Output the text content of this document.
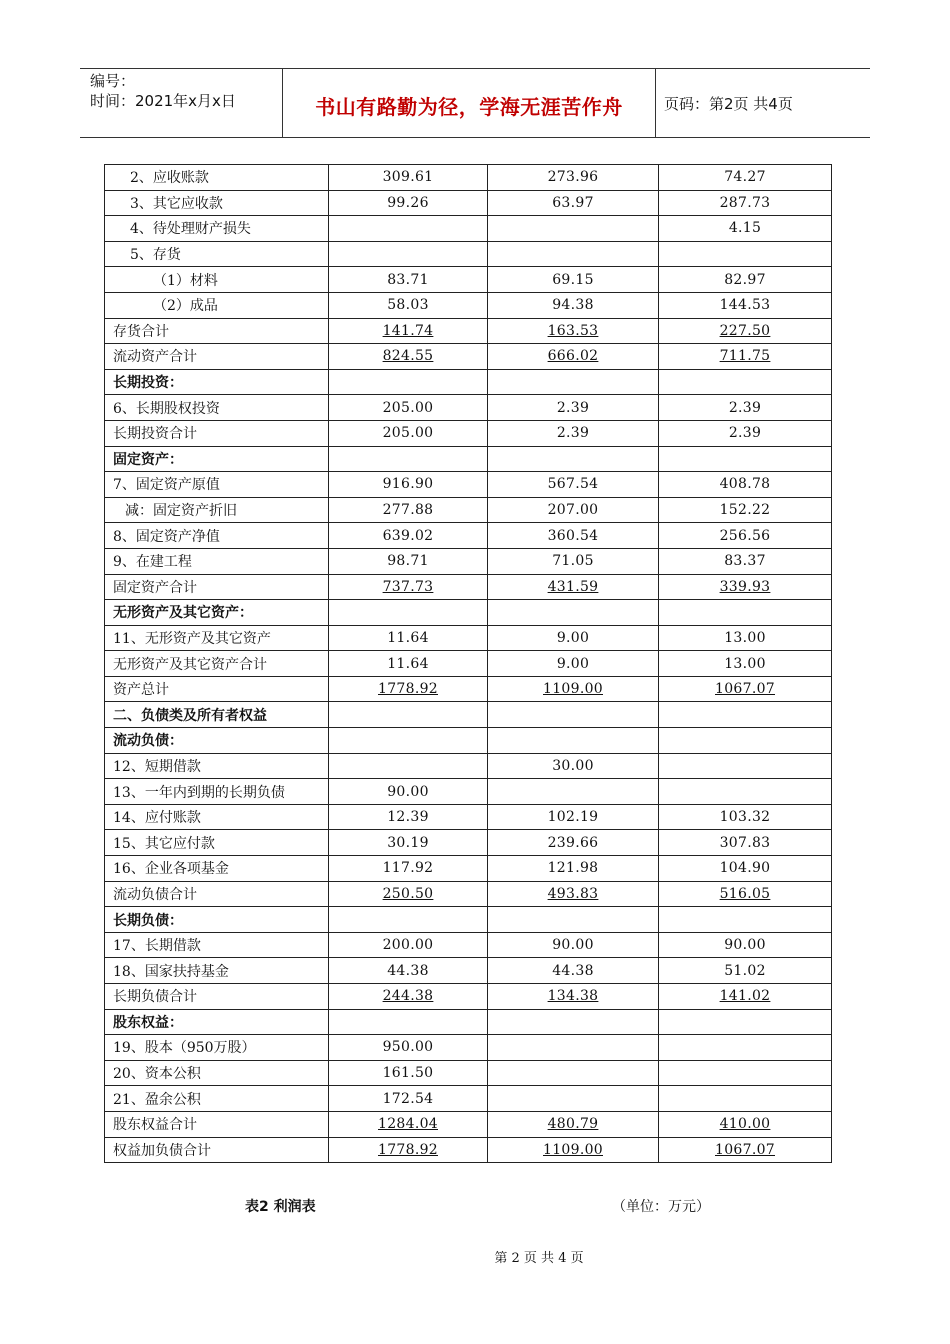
编号：
时间：2021年x月x日	书山有路勤为径，学海无涯苦作舟	页码：第2页 共4页
2、应收账款	309.61	273.96	74.27
3、其它应收款	99.26	63.97	287.73
4、待处理财产损失			4.15
5、存货			
（1）材料	83.71	69.15	82.97
（2）成品	58.03	94.38	144.53
存货合计	141.74	163.53	227.50
流动资产合计	824.55	666.02	711.75
长期投资：			
6、长期股权投资	205.00	2.39	2.39
长期投资合计	205.00	2.39	2.39
固定资产：			
7、固定资产原值	916.90	567.54	408.78
减：固定资产折旧	277.88	207.00	152.22
8、固定资产净值	639.02	360.54	256.56
9、在建工程	98.71	71.05	83.37
固定资产合计	737.73	431.59	339.93
无形资产及其它资产：			
11、无形资产及其它资产	11.64	9.00	13.00
无形资产及其它资产合计	11.64	9.00	13.00
资产总计	1778.92	1109.00	1067.07
二、负债类及所有者权益			
流动负债：			
12、短期借款		30.00	
13、一年内到期的长期负债	90.00		
14、应付账款	12.39	102.19	103.32
15、其它应付款	30.19	239.66	307.83
16、企业各项基金	117.92	121.98	104.90
流动负债合计	250.50	493.83	516.05
长期负债：			
17、长期借款	200.00	90.00	90.00
18、国家扶持基金	44.38	44.38	51.02
长期负债合计	244.38	134.38	141.02
股东权益：			
19、股本（950万股）	950.00		
20、资本公积	161.50		
21、盈余公积	172.54		
股东权益合计	1284.04	480.79	410.00
权益加负债合计	1778.92	1109.00	1067.07
表2 利润表	（单位：万元）
第 2 页 共 4 页
